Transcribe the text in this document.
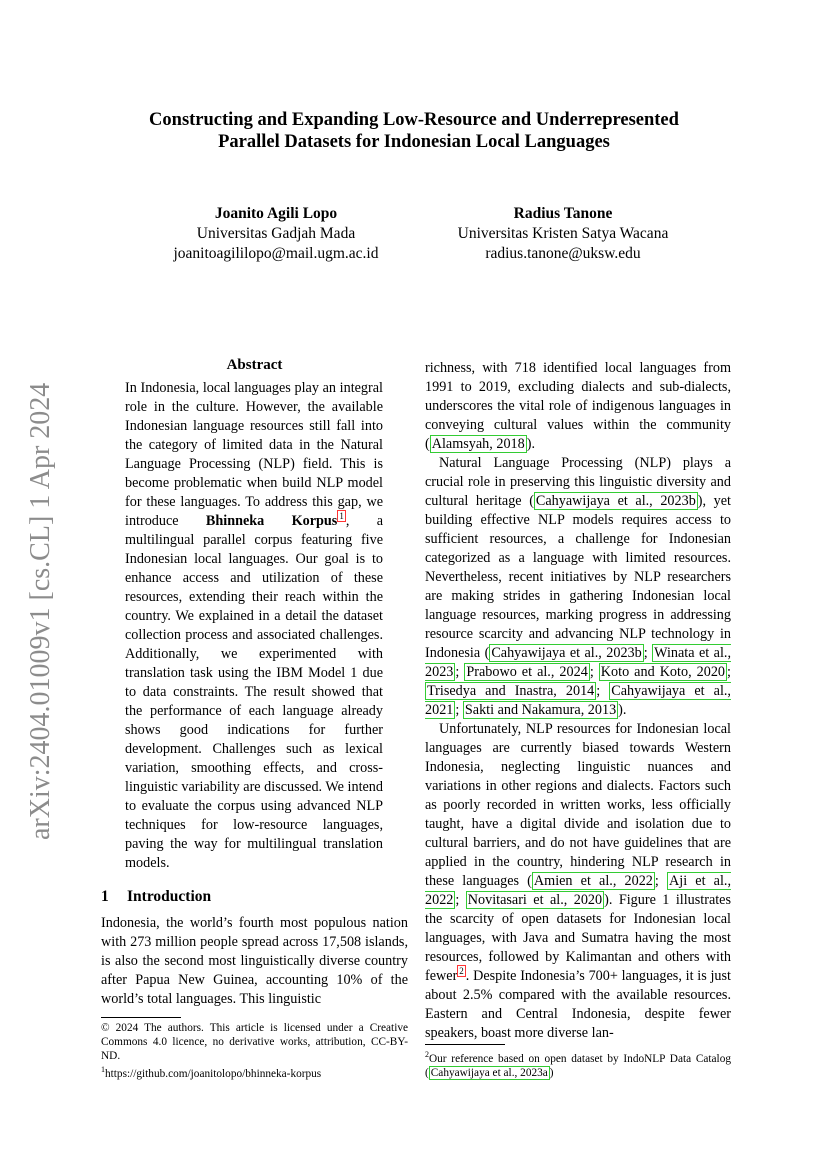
arXiv:2404.01009v1 [cs.CL] 1 Apr 2024
Constructing and Expanding Low-Resource and Underrepresented
Parallel Datasets for Indonesian Local Languages
Joanito Agili Lopo
Universitas Gadjah Mada
joanitoagililopo@mail.ugm.ac.id
Radius Tanone
Universitas Kristen Satya Wacana
radius.tanone@uksw.edu
Abstract
In Indonesia, local languages play an integral role in the culture. However, the available Indonesian language resources still fall into the category of limited data in the Natural Language Processing (NLP) field. This is become problematic when build NLP model for these languages. To address this gap, we introduce Bhinneka Korpus $^1$ , a multilingual parallel corpus featuring five Indonesian local languages. Our goal is to enhance access and utilization of these resources, extending their reach within the country. We explained in a detail the dataset collection process and associated challenges. Additionally, we experimented with translation task using the IBM Model 1 due to data constraints. The result showed that the performance of each language already shows good indications for further development. Challenges such as lexical variation, smoothing effects, and cross-linguistic variability are discussed. We intend to evaluate the corpus using advanced NLP techniques for low-resource languages, paving the way for multilingual translation models.
1 Introduction

Indonesia, the world’s fourth most populous nation with 273 million people spread across 17,508 islands, is also the second most linguistically diverse country after Papua New Guinea, accounting 10% of the world’s total languages. This linguistic

© 2024 The authors. This article is licensed under a Creative Commons 4.0 licence, no derivative works, attribution, CC-BY-ND.
$^1$https://github.com/joanitolopo/bhinneka-korpus

richness, with 718 identified local languages from 1991 to 2019, excluding dialects and sub-dialects, underscores the vital role of indigenous languages in conveying cultural values within the community ( Alamsyah, 2018 ).

Natural Language Processing (NLP) plays a crucial role in preserving this linguistic diversity and cultural heritage ( Cahyawijaya et al., 2023b ), yet building effective NLP models requires access to sufficient resources, a challenge for Indonesian categorized as a language with limited resources. Nevertheless, recent initiatives by NLP researchers are making strides in gathering Indonesian local language resources, marking progress in addressing resource scarcity and advancing NLP technology in Indonesia ( Cahyawijaya et al., 2023b ; Winata et al., 2023 ; Prabowo et al., 2024 ; Koto and Koto, 2020 ; Trisedya and Inastra, 2014 ; Cahyawijaya et al., 2021 ; Sakti and Nakamura, 2013 ).

Unfortunately, NLP resources for Indonesian local languages are currently biased towards Western Indonesia, neglecting linguistic nuances and variations in other regions and dialects. Factors such as poorly recorded in written works, less officially taught, have a digital divide and isolation due to cultural barriers, and do not have guidelines that are applied in the country, hindering NLP research in these languages ( Amien et al., 2022 ; Aji et al., 2022 ; Novitasari et al., 2020 ). Figure 1 illustrates the scarcity of open datasets for Indonesian local languages, with Java and Sumatra having the most resources, followed by Kalimantan and others with fewer $^2$ . Despite Indonesia’s 700+ languages, it is just about 2.5% compared with the available resources. Eastern and Central Indonesia, despite fewer speakers, boast more diverse lan-

$^2$Our reference based on open dataset by IndoNLP Data Catalog ( Cahyawijaya et al., 2023a )
